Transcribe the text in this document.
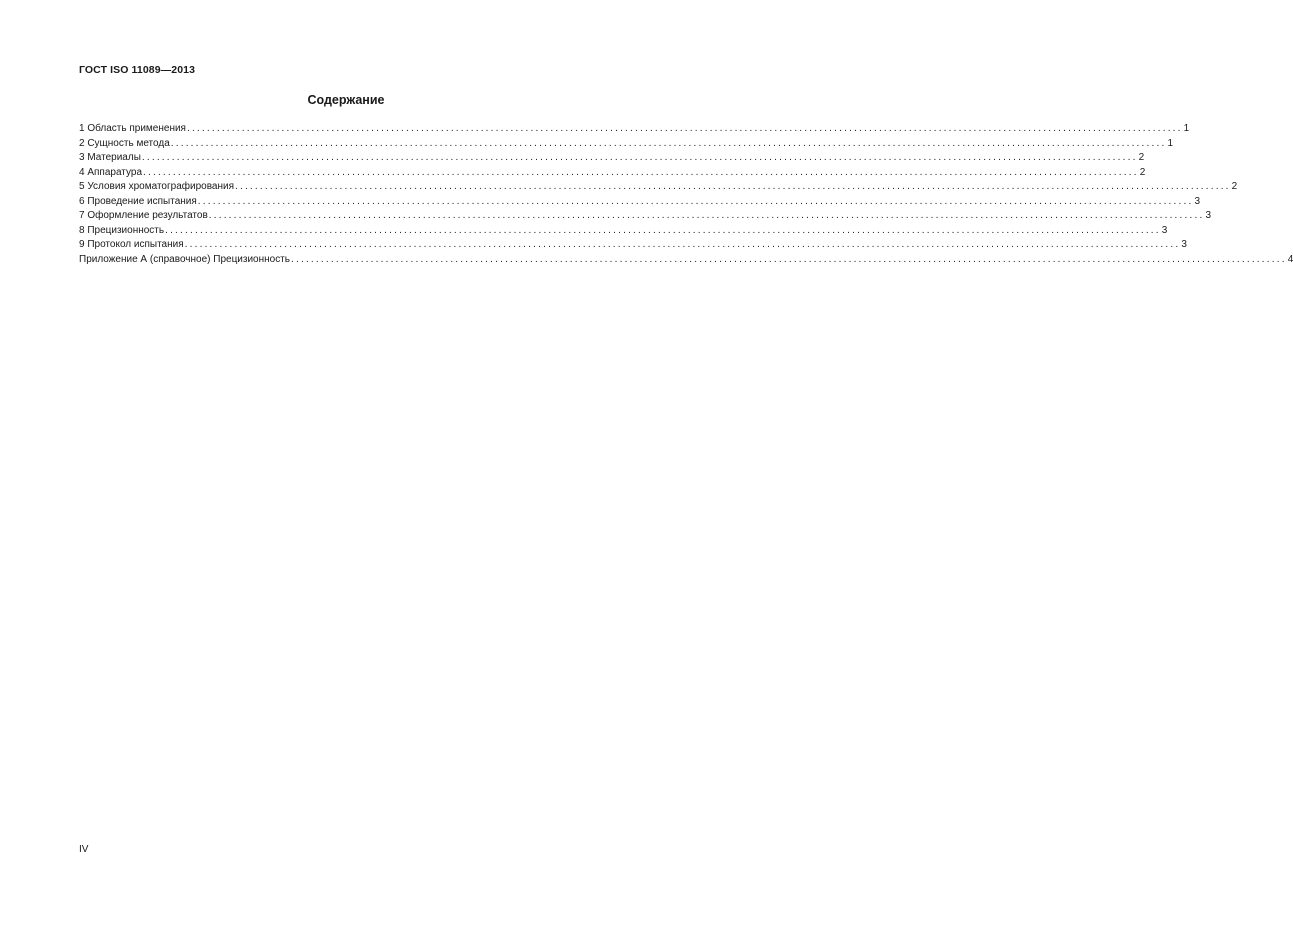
ГОСТ ISO 11089—2013
Содержание
1 Область применения ........................................................................................................................................................................................................ 1
2 Сущность метода ........................................................................................................................................................................................................ 1
3 Материалы ........................................................................................................................................................................................................ 2
4 Аппаратура ........................................................................................................................................................................................................ 2
5 Условия хроматографирования ........................................................................................................................................................................................................ 2
6 Проведение испытания ........................................................................................................................................................................................................ 3
7 Оформление результатов ........................................................................................................................................................................................................ 3
8 Прецизионность ........................................................................................................................................................................................................ 3
9 Протокол испытания ........................................................................................................................................................................................................ 3
Приложение А (справочное) Прецизионность ........................................................................................................................................................................................................ 4
IV
